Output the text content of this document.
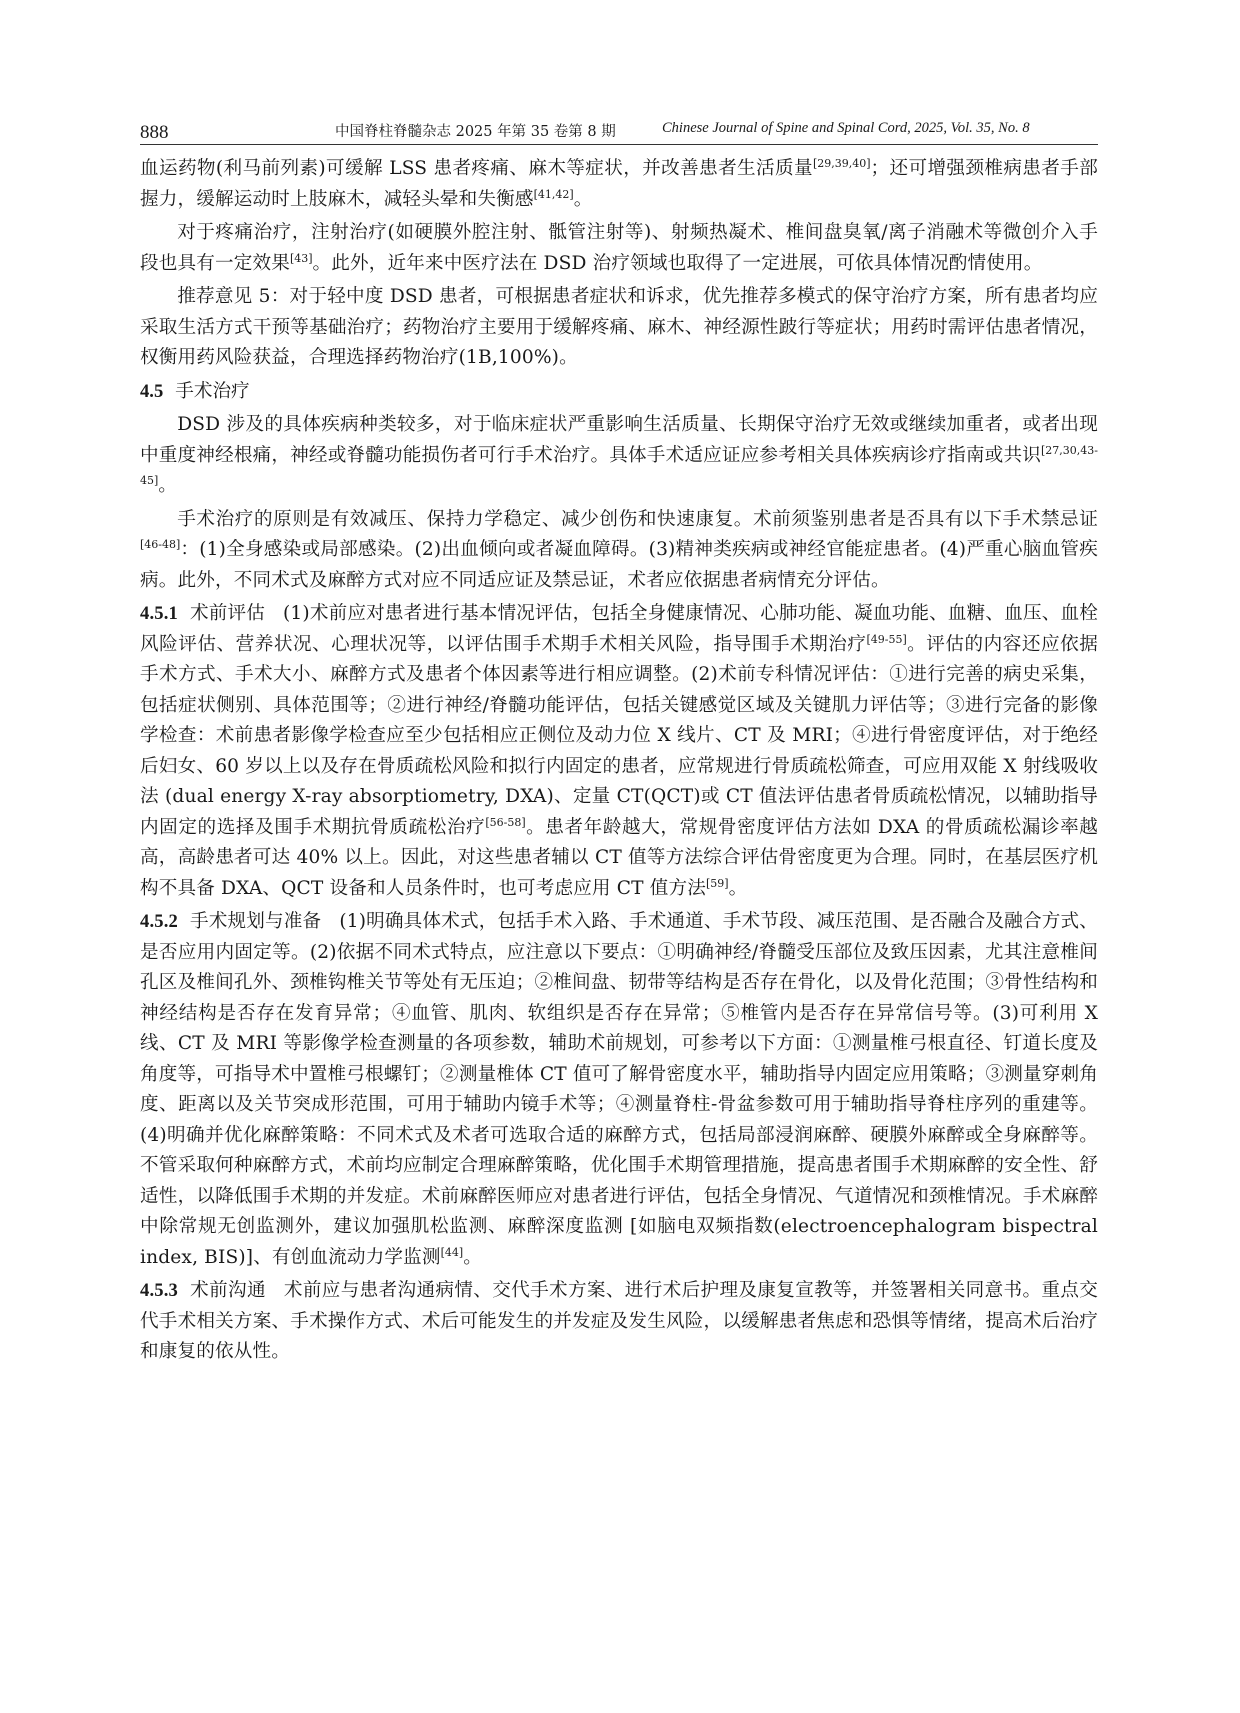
888	中国脊柱脊髓杂志 2025 年第 35 卷第 8 期	Chinese Journal of Spine and Spinal Cord, 2025, Vol. 35, No. 8

血运药物(利马前列素)可缓解 LSS 患者疼痛、麻木等症状，并改善患者生活质量[29,39,40]；还可增强颈椎病患者手部握力，缓解运动时上肢麻木，减轻头晕和失衡感[41,42]。

对于疼痛治疗，注射治疗(如硬膜外腔注射、骶管注射等)、射频热凝术、椎间盘臭氧/离子消融术等微创介入手段也具有一定效果[43]。此外，近年来中医疗法在 DSD 治疗领域也取得了一定进展，可依具体情况酌情使用。

推荐意见 5：对于轻中度 DSD 患者，可根据患者症状和诉求，优先推荐多模式的保守治疗方案，所有患者均应采取生活方式干预等基础治疗；药物治疗主要用于缓解疼痛、麻木、神经源性跛行等症状；用药时需评估患者情况，权衡用药风险获益，合理选择药物治疗(1B,100%)。

4.5 手术治疗

DSD 涉及的具体疾病种类较多，对于临床症状严重影响生活质量、长期保守治疗无效或继续加重者，或者出现中重度神经根痛，神经或脊髓功能损伤者可行手术治疗。具体手术适应证应参考相关具体疾病诊疗指南或共识[27,30,43-45]。

手术治疗的原则是有效减压、保持力学稳定、减少创伤和快速康复。术前须鉴别患者是否具有以下手术禁忌证[46-48]：(1)全身感染或局部感染。(2)出血倾向或者凝血障碍。(3)精神类疾病或神经官能症患者。(4)严重心脑血管疾病。此外，不同术式及麻醉方式对应不同适应证及禁忌证，术者应依据患者病情充分评估。

4.5.1 术前评估 (1)术前应对患者进行基本情况评估，包括全身健康情况、心肺功能、凝血功能、血糖、血压、血栓风险评估、营养状况、心理状况等，以评估围手术期手术相关风险，指导围手术期治疗[49-55]。评估的内容还应依据手术方式、手术大小、麻醉方式及患者个体因素等进行相应调整。(2)术前专科情况评估：①进行完善的病史采集，包括症状侧别、具体范围等；②进行神经/脊髓功能评估，包括关键感觉区域及关键肌力评估等；③进行完备的影像学检查：术前患者影像学检查应至少包括相应正侧位及动力位 X 线片、CT 及 MRI；④进行骨密度评估，对于绝经后妇女、60 岁以上以及存在骨质疏松风险和拟行内固定的患者，应常规进行骨质疏松筛查，可应用双能 X 射线吸收法 (dual energy X-ray absorptiometry, DXA)、定量 CT(QCT)或 CT 值法评估患者骨质疏松情况，以辅助指导内固定的选择及围手术期抗骨质疏松治疗[56-58]。患者年龄越大，常规骨密度评估方法如 DXA 的骨质疏松漏诊率越高，高龄患者可达 40% 以上。因此，对这些患者辅以 CT 值等方法综合评估骨密度更为合理。同时，在基层医疗机构不具备 DXA、QCT 设备和人员条件时，也可考虑应用 CT 值方法[59]。

4.5.2 手术规划与准备 (1)明确具体术式，包括手术入路、手术通道、手术节段、减压范围、是否融合及融合方式、是否应用内固定等。(2)依据不同术式特点，应注意以下要点：①明确神经/脊髓受压部位及致压因素，尤其注意椎间孔区及椎间孔外、颈椎钩椎关节等处有无压迫；②椎间盘、韧带等结构是否存在骨化，以及骨化范围；③骨性结构和神经结构是否存在发育异常；④血管、肌肉、软组织是否存在异常；⑤椎管内是否存在异常信号等。(3)可利用 X 线、CT 及 MRI 等影像学检查测量的各项参数，辅助术前规划，可参考以下方面：①测量椎弓根直径、钉道长度及角度等，可指导术中置椎弓根螺钉；②测量椎体 CT 值可了解骨密度水平，辅助指导内固定应用策略；③测量穿刺角度、距离以及关节突成形范围，可用于辅助内镜手术等；④测量脊柱-骨盆参数可用于辅助指导脊柱序列的重建等。(4)明确并优化麻醉策略：不同术式及术者可选取合适的麻醉方式，包括局部浸润麻醉、硬膜外麻醉或全身麻醉等。不管采取何种麻醉方式，术前均应制定合理麻醉策略，优化围手术期管理措施，提高患者围手术期麻醉的安全性、舒适性，以降低围手术期的并发症。术前麻醉医师应对患者进行评估，包括全身情况、气道情况和颈椎情况。手术麻醉中除常规无创监测外，建议加强肌松监测、麻醉深度监测 [如脑电双频指数(electroencephalogram bispectral index, BIS)]、有创血流动力学监测[44]。

4.5.3 术前沟通 术前应与患者沟通病情、交代手术方案、进行术后护理及康复宣教等，并签署相关同意书。重点交代手术相关方案、手术操作方式、术后可能发生的并发症及发生风险，以缓解患者焦虑和恐惧等情绪，提高术后治疗和康复的依从性。
